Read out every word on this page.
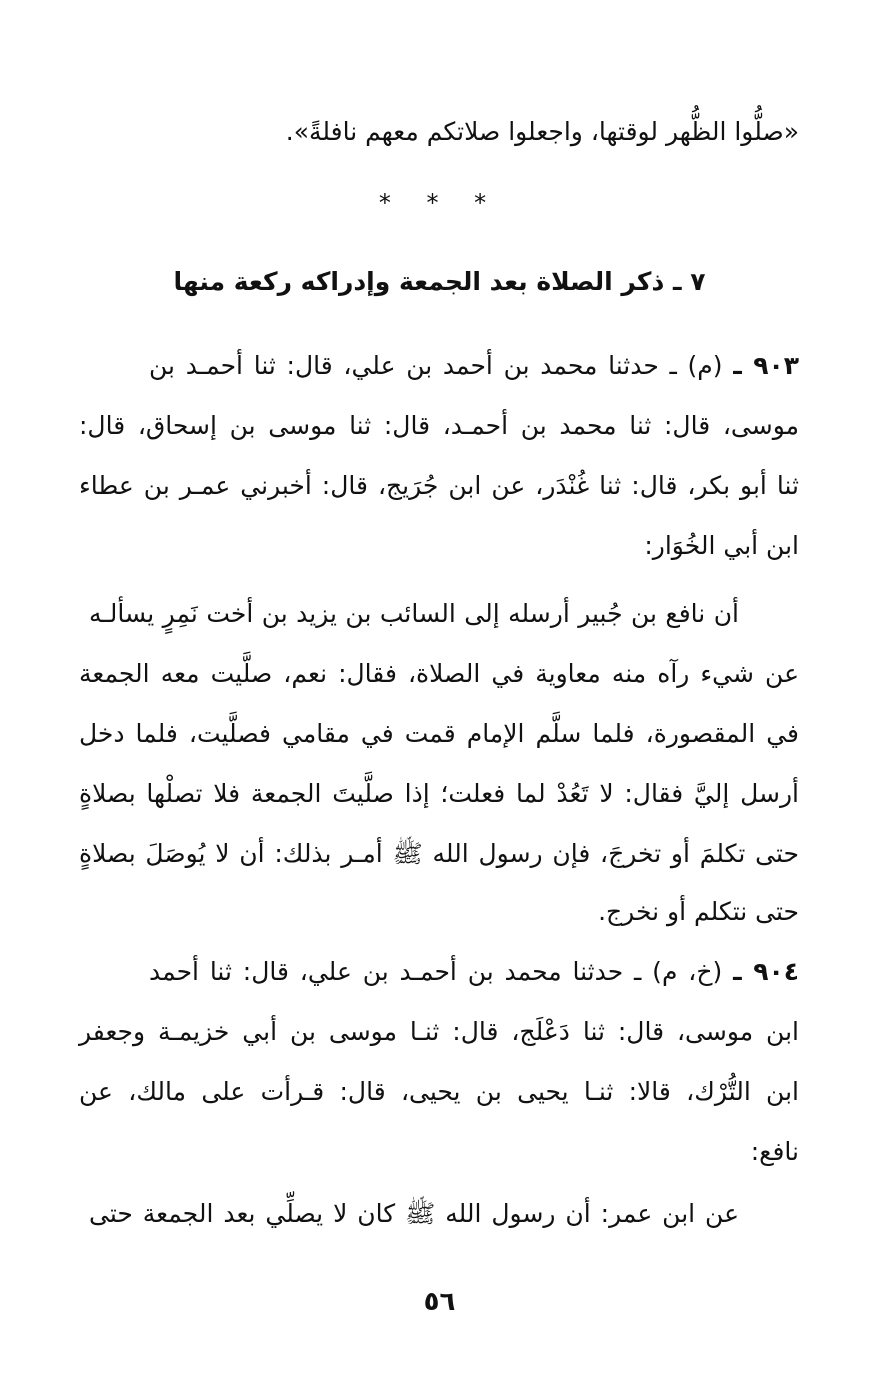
«صلُّوا الظُّهر لوقتها، واجعلوا صلاتكم معهم نافلةً».
* * *
٧ ـ ذكر الصلاة بعد الجمعة وإدراكه ركعة منها
٩٠٣ ـ (م) ـ حدثنا محمد بن أحمد بن علي، قال: ثنا أحمـد بن
موسى، قال: ثنا محمد بن أحمـد، قال: ثنا موسى بن إسحاق، قال:
ثنا أبو بكر، قال: ثنا غُنْدَر، عن ابن جُرَيج، قال: أخبرني عمـر بن عطاء
ابن أبي الخُوَار:
أن نافع بن جُبير أرسله إلى السائب بن يزيد بن أخت نَمِرٍ يسألـه
عن شيء رآه منه معاوية في الصلاة، فقال: نعم، صلَّيت معه الجمعة
في المقصورة، فلما سلَّم الإمام قمت في مقامي فصلَّيت، فلما دخل
أرسل إليَّ فقال: لا تَعُدْ لما فعلت؛ إذا صلَّيتَ الجمعة فلا تصلْها بصلاةٍ
حتى تكلمَ أو تخرجَ، فإن رسول الله ﷺ أمـر بذلك: أن لا يُوصَلَ بصلاةٍ
حتى نتكلم أو نخرج.
٩٠٤ ـ (خ، م) ـ حدثنا محمد بن أحمـد بن علي، قال: ثنا أحمد
ابن موسى، قال: ثنا دَعْلَج، قال: ثنـا موسى بن أبي خزيمـة وجعفر
ابن التُّرْك، قالا: ثنـا يحيى بن يحيى، قال: قـرأت على مالك، عن
نافع:
عن ابن عمر: أن رسول الله ﷺ كان لا يصلِّي بعد الجمعة حتى
٥٦
